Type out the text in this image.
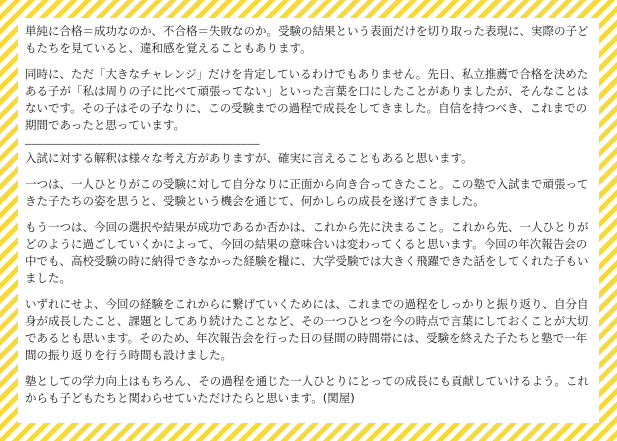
単純に合格＝成功なのか、不合格＝失敗なのか。受験の結果という表面だけを切り取った表現に、実際の子どもたちを見ていると、違和感を覚えることもあります。

同時に、ただ「大きなチャレンジ」だけを肯定しているわけでもありません。先日、私立推薦で合格を決めたある子が「私は周りの子に比べて頑張ってない」といった言葉を口にしたことがありましたが、そんなことはないです。その子はその子なりに、この受験までの過程で成長をしてきました。自信を持つべき、これまでの期間であったと思っています。

————————————————————————————————————

入試に対する解釈は様々な考え方がありますが、確実に言えることもあると思います。

一つは、一人ひとりがこの受験に対して自分なりに正面から向き合ってきたこと。この塾で入試まで頑張ってきた子たちの姿を思うと、受験という機会を通じて、何かしらの成長を遂げてきました。

もう一つは、今回の選択や結果が成功であるか否かは、これから先に決まること。これから先、一人ひとりがどのように過ごしていくかによって、今回の結果の意味合いは変わってくると思います。今回の年次報告会の中でも、高校受験の時に納得できなかった経験を糧に、大学受験では大きく飛躍できた話をしてくれた子もいました。

いずれにせよ、今回の経験をこれからに繋げていくためには、これまでの過程をしっかりと振り返り、自分自身が成長したこと、課題としてあり続けたことなど、その一つひとつを今の時点で言葉にしておくことが大切であるとも思います。そのため、年次報告会を行った日の昼間の時間帯には、受験を終えた子たちと塾で一年間の振り返りを行う時間も設けました。

塾としての学力向上はもちろん、その過程を通じた一人ひとりにとっての成長にも貢献していけるよう。これからも子どもたちと関わらせていただけたらと思います。(関屋)
